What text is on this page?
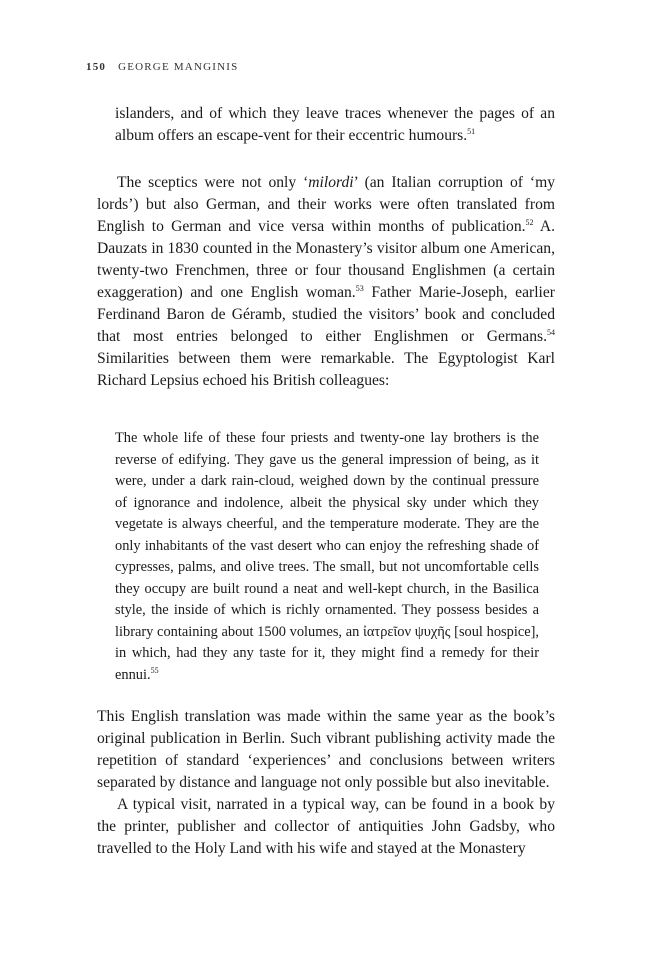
150 GEORGE MANGINIS

islanders, and of which they leave traces whenever the pages of an album offers an escape-vent for their eccentric humours.$^{51}$

The sceptics were not only ‘milordi’ (an Italian corruption of ‘my lords’) but also German, and their works were often translated from English to German and vice versa within months of publication.$^{52}$ A. Dauzats in 1830 counted in the Monastery’s visitor album one American, twenty-two Frenchmen, three or four thousand Englishmen (a certain exaggeration) and one English woman.$^{53}$ Father Marie-Joseph, earlier Ferdinand Baron de Géramb, studied the visitors’ book and concluded that most entries belonged to either Englishmen or Germans.$^{54}$ Similarities between them were remarkable. The Egyptologist Karl Richard Lepsius echoed his British colleagues:

The whole life of these four priests and twenty-one lay brothers is the reverse of edifying. They gave us the general impression of being, as it were, under a dark rain-cloud, weighed down by the continual pressure of ignorance and indolence, albeit the physical sky under which they vegetate is always cheerful, and the temperature moderate. They are the only inhabitants of the vast desert who can enjoy the refreshing shade of cypresses, palms, and olive trees. The small, but not uncomfortable cells they occupy are built round a neat and well-kept church, in the Basilica style, the inside of which is richly ornamented. They possess besides a library containing about 1500 volumes, an ἰατρεῖον ψυχῆς [soul hospice], in which, had they any taste for it, they might find a remedy for their ennui.$^{55}$

This English translation was made within the same year as the book’s original publication in Berlin. Such vibrant publishing activity made the repetition of standard ‘experiences’ and conclusions between writers separated by distance and language not only possible but also inevitable.

A typical visit, narrated in a typical way, can be found in a book by the printer, publisher and collector of antiquities John Gadsby, who travelled to the Holy Land with his wife and stayed at the Monastery
